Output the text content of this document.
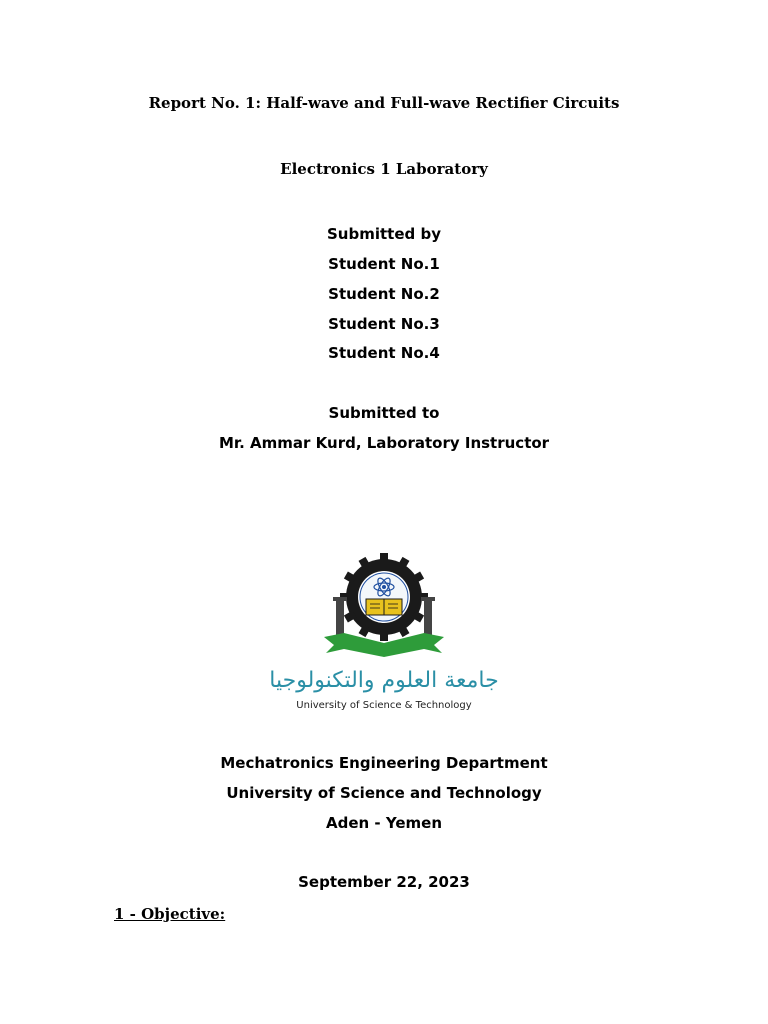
Report No. 1: Half-wave and Full-wave Rectifier Circuits
Electronics 1 Laboratory
Submitted by
Student No.1
Student No.2
Student No.3
Student No.4
Submitted to
Mr. Ammar Kurd, Laboratory Instructor
جامعة العلوم والتكنولوجيا
University of Science & Technology
Mechatronics Engineering Department
University of Science and Technology
Aden - Yemen
September 22, 2023
1 - Objective:
